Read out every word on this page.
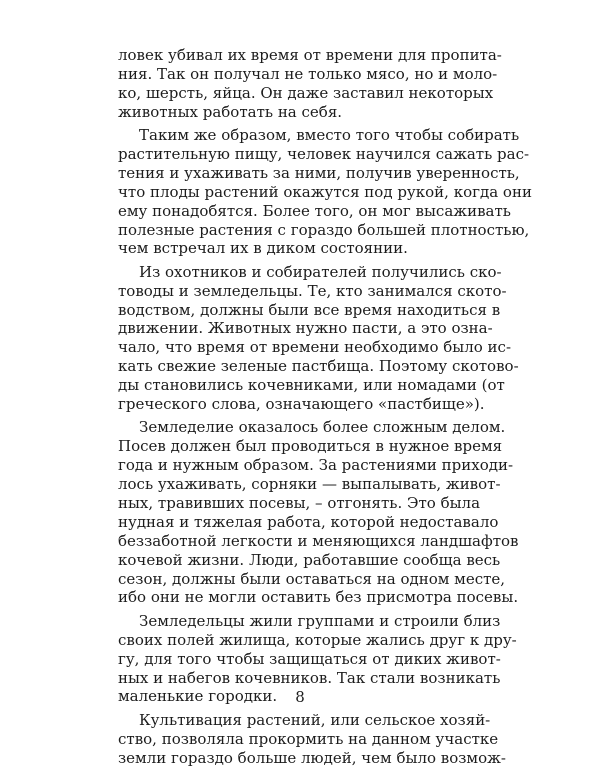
ловек убивал их время от времени для пропита-
ния. Так он получал не только мясо, но и моло-
ко, шерсть, яйца. Он даже заставил некоторых
животных работать на себя.
Таким же образом, вместо того чтобы собирать
растительную пищу, человек научился сажать рас-
тения и ухаживать за ними, получив уверенность,
что плоды растений окажутся под рукой, когда они
ему понадобятся. Более того, он мог высаживать
полезные растения с гораздо большей плотностью,
чем встречал их в диком состоянии.
Из охотников и собирателей получились ско-
товоды и земледельцы. Те, кто занимался ското-
водством, должны были все время находиться в
движении. Животных нужно пасти, а это озна-
чало, что время от времени необходимо было ис-
кать свежие зеленые пастбища. Поэтому скотово-
ды становились кочевниками, или номадами (от
греческого слова, означающего «пастбище»).
Земледелие оказалось более сложным делом.
Посев должен был проводиться в нужное время
года и нужным образом. За растениями приходи-
лось ухаживать, сорняки — выпалывать, живот-
ных, травивших посевы, – отгонять. Это была
нудная и тяжелая работа, которой недоставало
беззаботной легкости и меняющихся ландшафтов
кочевой жизни. Люди, работавшие сообща весь
сезон, должны были оставаться на одном месте,
ибо они не могли оставить без присмотра посевы.
Земледельцы жили группами и строили близ
своих полей жилища, которые жались друг к дру-
гу, для того чтобы защищаться от диких живот-
ных и набегов кочевников. Так стали возникать
маленькие городки.
Культивация растений, или сельское хозяй-
ство, позволяла прокормить на данном участке
земли гораздо больше людей, чем было возмож-
8
